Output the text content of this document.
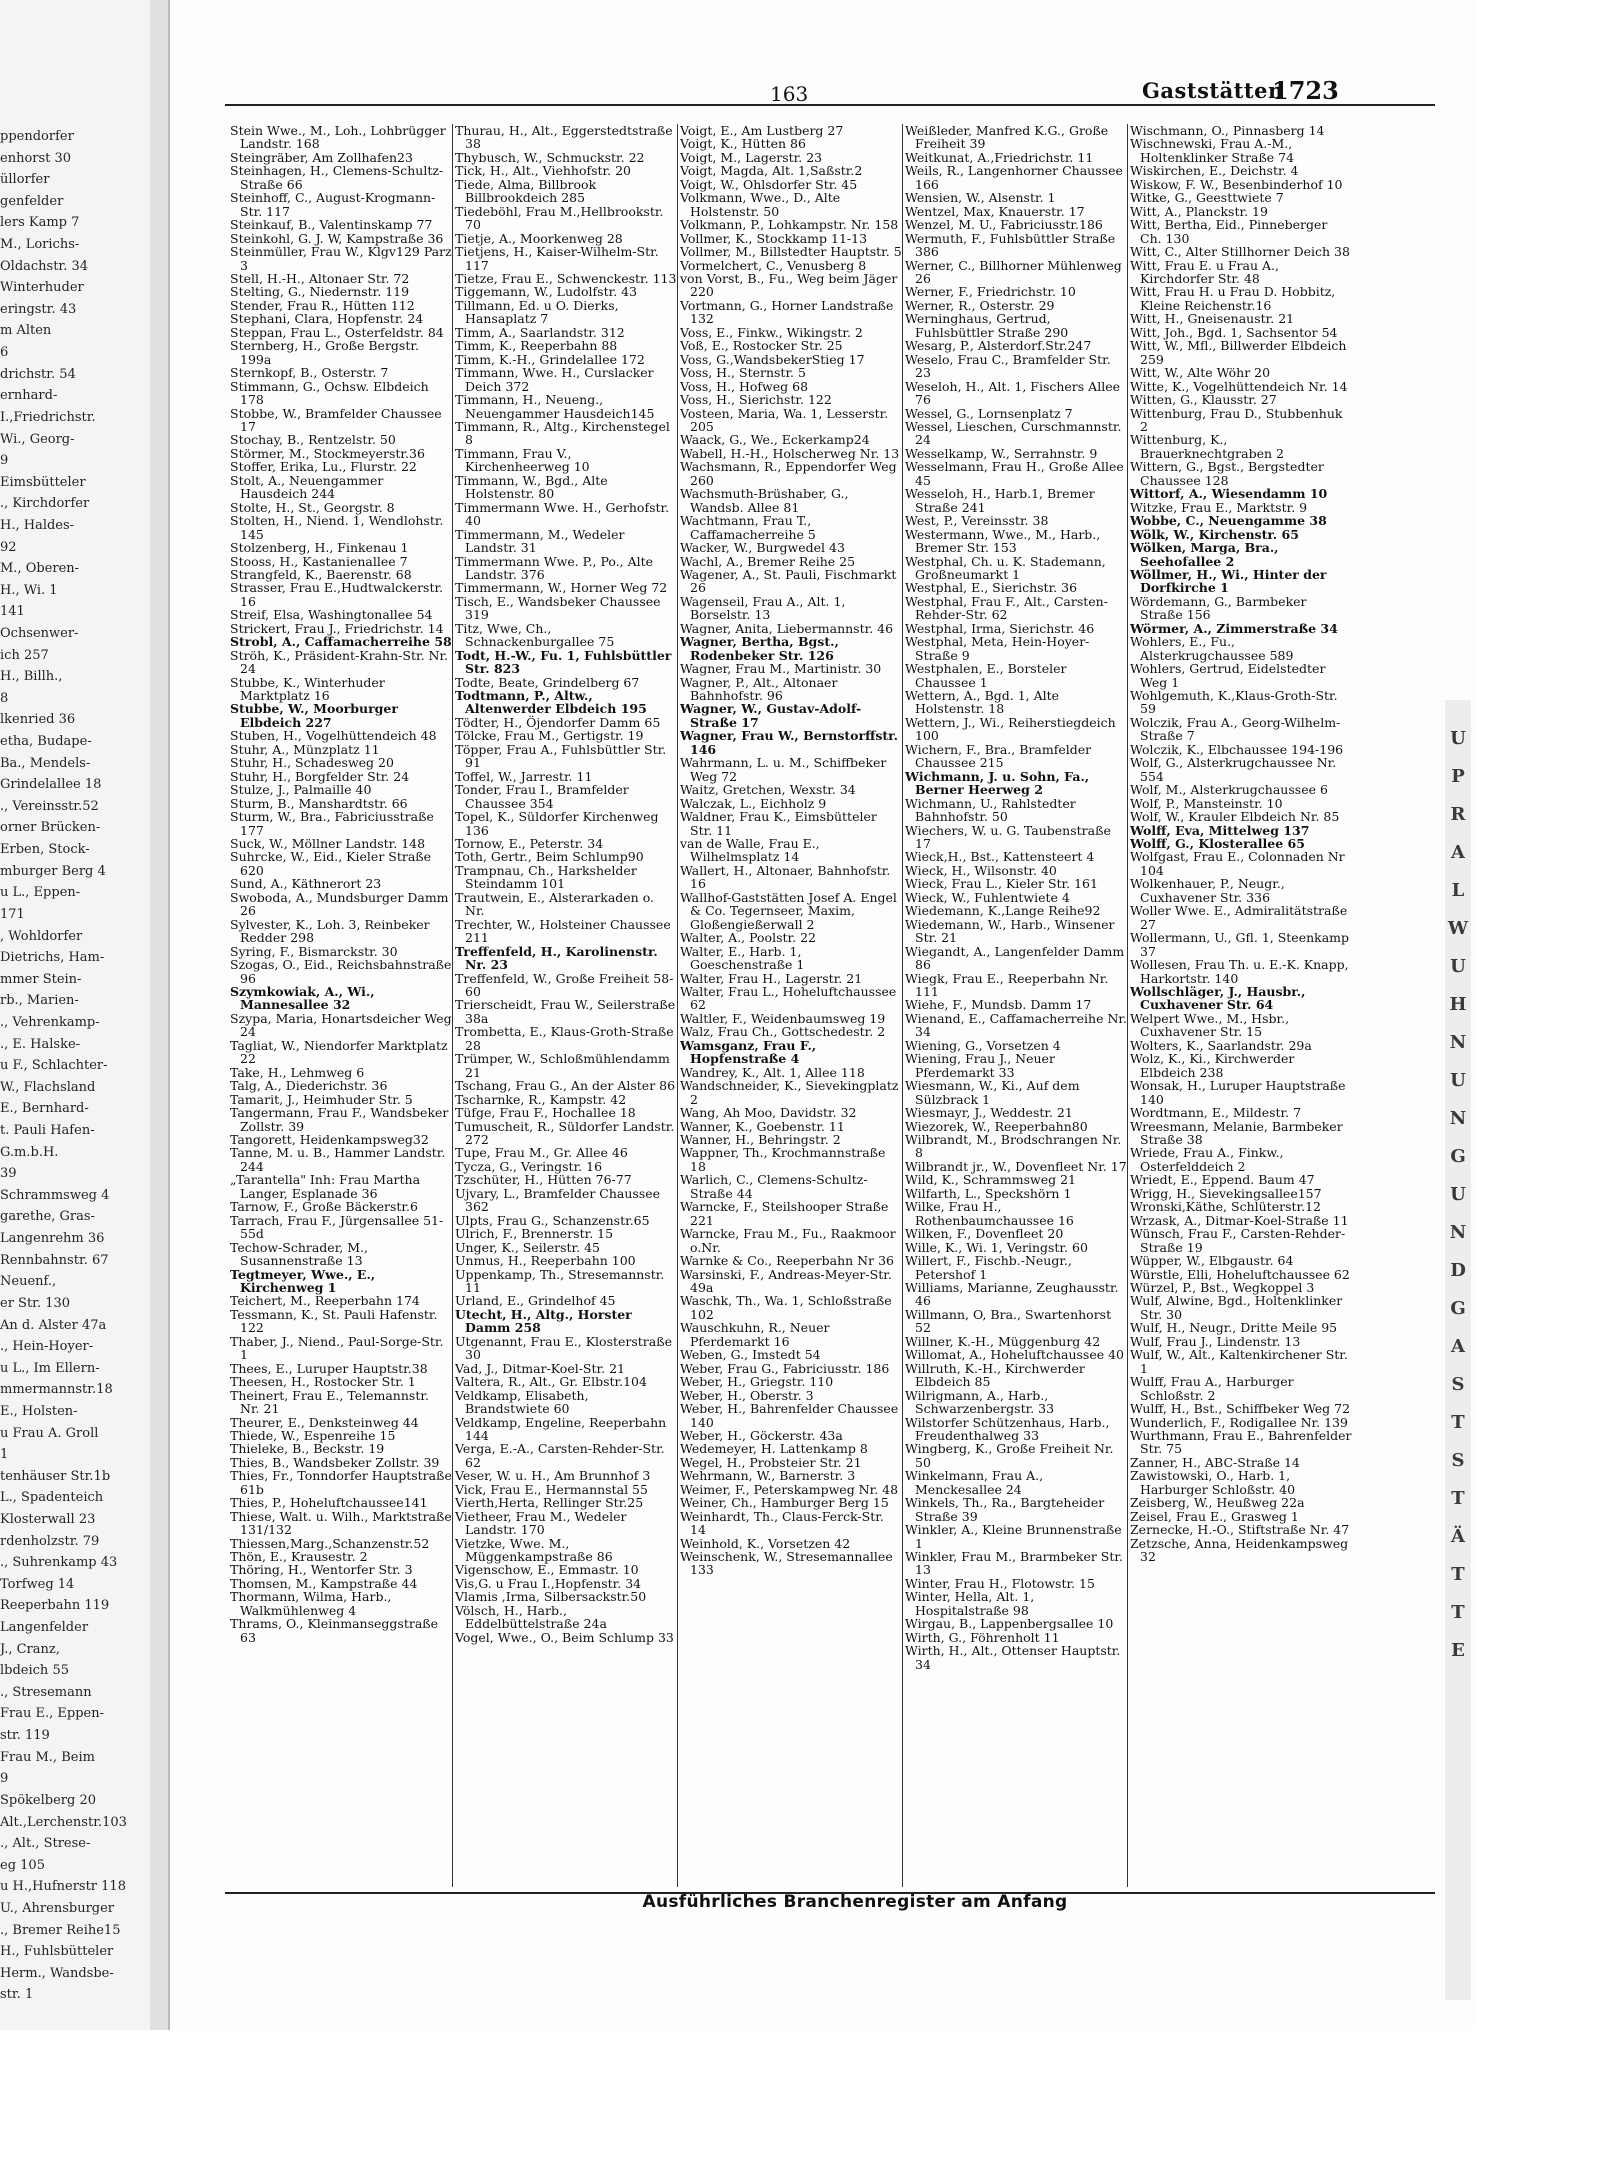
ppendorfer
enhorst 30
üllorfer
genfelder
lers Kamp 7
M., Lorichs-
Oldachstr. 34
Winterhuder
eringstr. 43
m Alten
6
drichstr. 54
ernhard-
I.,Friedrichstr.
Wi., Georg-
9
Eimsbütteler
., Kirchdorfer
H., Haldes-
92
M., Oberen-
H., Wi. 1
141
Ochsenwer-
ich 257
H., Billh.,
8
lkenried 36
etha, Budape-
Ba., Mendels-
Grindelallee 18
., Vereinsstr.52
orner Brücken-
Erben, Stock-
mburger Berg 4
u L., Eppen-
171
, Wohldorfer
Dietrichs, Ham-
mmer Stein-
rb., Marien-
., Vehrenkamp-
., E. Halske-
u F., Schlachter-
W., Flachsland
E., Bernhard-
t. Pauli Hafen-
G.m.b.H.
39
Schrammsweg 4
garethe, Gras-
Langenrehm 36
Rennbahnstr. 67
Neuenf.,
er Str. 130
An d. Alster 47a
., Hein-Hoyer-
u L., Im Ellern-
mmermannstr.18
E., Holsten-
u Frau A. Groll
1
tenhäuser Str.1b
L., Spadenteich
Klosterwall 23
rdenholzstr. 79
., Suhrenkamp 43
Torfweg 14
Reeperbahn 119
Langenfelder
J., Cranz,
lbdeich 55
., Stresemann
Frau E., Eppen-
str. 119
Frau M., Beim
9
Spökelberg 20
Alt.,Lerchenstr.103
., Alt., Strese-
eg 105
u H.,Hufnerstr 118
U., Ahrensburger
., Bremer Reihe15
H., Fuhlsbütteler
Herm., Wandsbe-
str. 1
UPRAL WUHNUNG UND GASTSTÄTTE
163	Gaststätten
1723
Stein Wwe., M., Loh., Lohbrügger Landstr. 168
Steingräber, Am Zollhafen23
Steinhagen, H., Clemens-Schultz-Straße 66
Steinhoff, C., August-Krogmann-Str. 117
Steinkauf, B., Valentinskamp 77
Steinkohl, G. J. W, Kampstraße 36
Steinmüller, Frau W., Klgv129 Parz 3
Stell, H.-H., Altonaer Str. 72
Stelting, G., Niedernstr. 119
Stender, Frau R., Hütten 112
Stephani, Clara, Hopfenstr. 24
Steppan, Frau L., Osterfeldstr. 84
Sternberg, H., Große Bergstr. 199a
Sternkopf, B., Osterstr. 7
Stimmann, G., Ochsw. Elbdeich 178
Stobbe, W., Bramfelder Chaussee 17
Stochay, B., Rentzelstr. 50
Störmer, M., Stockmeyerstr.36
Stoffer, Erika, Lu., Flurstr. 22
Stolt, A., Neuengammer Hausdeich 244
Stolte, H., St., Georgstr. 8
Stolten, H., Niend. 1, Wendlohstr. 145
Stolzenberg, H., Finkenau 1
Stooss, H., Kastanienallee 7
Strangfeld, K., Baerenstr. 68
Strasser, Frau E.,Hudtwalckerstr. 16
Streif, Elsa, Washingtonallee 54
Strickert, Frau J., Friedrichstr. 14
Strobl, A., Caffamacherreihe 58
Ströh, K., Präsident-Krahn-Str. Nr. 24
Stubbe, K., Winterhuder Marktplatz 16
Stubbe, W., Moorburger Elbdeich 227
Stuben, H., Vogelhüttendeich 48
Stuhr, A., Münzplatz 11
Stuhr, H., Schadesweg 20
Stuhr, H., Borgfelder Str. 24
Stulze, J., Palmaille 40
Sturm, B., Manshardtstr. 66
Sturm, W., Bra., Fabriciusstraße 177
Suck, W., Möllner Landstr. 148
Suhrcke, W., Eid., Kieler Straße 620
Sund, A., Käthnerort 23
Swoboda, A., Mundsburger Damm 26
Sylvester, K., Loh. 3, Reinbeker Redder 298
Syring, F., Bismarckstr. 30
Szogas, O., Eid., Reichsbahnstraße 96
Szymkowiak, A., Wi., Mannesallee 32
Szypa, Maria, Honartsdeicher Weg 24
Tagliat, W., Niendorfer Marktplatz 22
Take, H., Lehmweg 6
Talg, A., Diederichstr. 36
Tamarit, J., Heimhuder Str. 5
Tangermann, Frau F., Wandsbeker Zollstr. 39
Tangorett, Heidenkampsweg32
Tanne, M. u. B., Hammer Landstr. 244
„Tarantella" Inh: Frau Martha Langer, Esplanade 36
Tarnow, F., Große Bäckerstr.6
Tarrach, Frau F., Jürgensallee 51-55d
Techow-Schrader, M., Susannenstraße 13
Tegtmeyer, Wwe., E., Kirchenweg 1
Teichert, M., Reeperbahn 174
Tessmann, K., St. Pauli Hafenstr. 122
Thaber, J., Niend., Paul-Sorge-Str. 1
Thees, E., Luruper Hauptstr.38
Theesen, H., Rostocker Str. 1
Theinert, Frau E., Telemannstr. Nr. 21
Theurer, E., Denksteinweg 44
Thiede, W., Espenreihe 15
Thieleke, B., Beckstr. 19
Thies, B., Wandsbeker Zollstr. 39
Thies, Fr., Tonndorfer Hauptstraße 61b
Thies, P., Hoheluftchaussee141
Thiese, Walt. u. Wilh., Marktstraße 131/132
Thiessen,Marg.,Schanzenstr.52
Thön, E., Krausestr. 2
Thöring, H., Wentorfer Str. 3
Thomsen, M., Kampstraße 44
Thormann, Wilma, Harb., Walkmühlenweg 4
Thrams, O., Kleinmanseggstraße 63
Thurau, H., Alt., Eggerstedtstraße 38
Thybusch, W., Schmuckstr. 22
Tick, H., Alt., Viehhofstr. 20
Tiede, Alma, Billbrook Billbrookdeich 285
Tiedeböhl, Frau M.,Hellbrookstr. 70
Tietje, A., Moorkenweg 28
Tietjens, H., Kaiser-Wilhelm-Str. 117
Tietze, Frau E., Schwenckestr. 113
Tiggemann, W., Ludolfstr. 43
Tillmann, Ed. u O. Dierks, Hansaplatz 7
Timm, A., Saarlandstr. 312
Timm, K., Reeperbahn 88
Timm, K.-H., Grindelallee 172
Timmann, Wwe. H., Curslacker Deich 372
Timmann, H., Neueng., Neuengammer Hausdeich145
Timmann, R., Altg., Kirchenstegel 8
Timmann, Frau V., Kirchenheerweg 10
Timmann, W., Bgd., Alte Holstenstr. 80
Timmermann Wwe. H., Gerhofstr. 40
Timmermann, M., Wedeler Landstr. 31
Timmermann Wwe. P., Po., Alte Landstr. 376
Timmermann, W., Horner Weg 72
Tisch, E., Wandsbeker Chaussee 319
Titz, Wwe, Ch., Schnackenburgallee 75
Todt, H.-W., Fu. 1, Fuhlsbüttler Str. 823
Todte, Beate, Grindelberg 67
Todtmann, P., Altw., Altenwerder Elbdeich 195
Tödter, H., Öjendorfer Damm 65
Tölcke, Frau M., Gertigstr. 19
Töpper, Frau A., Fuhlsbüttler Str. 91
Toffel, W., Jarrestr. 11
Tonder, Frau I., Bramfelder Chaussee 354
Topel, K., Süldorfer Kirchenweg 136
Tornow, E., Peterstr. 34
Toth, Gertr., Beim Schlump90
Trampnau, Ch., Harkshelder Steindamm 101
Trautwein, E., Alsterarkaden o. Nr.
Trechter, W., Holsteiner Chaussee 211
Treffenfeld, H., Karolinenstr. Nr. 23
Treffenfeld, W., Große Freiheit 58-60
Trierscheidt, Frau W., Seilerstraße 38a
Trombetta, E., Klaus-Groth-Straße 28
Trümper, W., Schloßmühlendamm 21
Tschang, Frau G., An der Alster 86
Tscharnke, R., Kampstr. 42
Tüfge, Frau F., Hochallee 18
Tumuscheit, R., Süldorfer Landstr. 272
Tupe, Frau M., Gr. Allee 46
Tycza, G., Veringstr. 16
Tzschüter, H., Hütten 76-77
Ujvary, L., Bramfelder Chaussee 362
Ulpts, Frau G., Schanzenstr.65
Ulrich, F., Brennerstr. 15
Unger, K., Seilerstr. 45
Unmus, H., Reeperbahn 100
Uppenkamp, Th., Stresemannstr. 11
Urland, E., Grindelhof 45
Utecht, H., Altg., Horster Damm 258
Utgenannt, Frau E., Klosterstraße 30
Vad, J., Ditmar-Koel-Str. 21
Valtera, R., Alt., Gr. Elbstr.104
Veldkamp, Elisabeth, Brandstwiete 60
Veldkamp, Engeline, Reeperbahn 144
Verga, E.-A., Carsten-Rehder-Str. 62
Veser, W. u. H., Am Brunnhof 3
Vick, Frau E., Hermannstal 55
Vierth,Herta, Rellinger Str.25
Vietheer, Frau M., Wedeler Landstr. 170
Vietzke, Wwe. M., Müggenkampstraße 86
Vigenschow, E., Emmastr. 10
Vis,G. u Frau I.,Hopfenstr. 34
Vlamis ,Irma, Silbersackstr.50
Völsch, H., Harb., Eddelbüttelstraße 24a
Vogel, Wwe., O., Beim Schlump 33
Voigt, E., Am Lustberg 27
Voigt, K., Hütten 86
Voigt, M., Lagerstr. 23
Voigt, Magda, Alt. 1,Saßstr.2
Voigt, W., Ohlsdorfer Str. 45
Volkmann, Wwe., D., Alte Holstenstr. 50
Volkmann, P., Lohkampstr. Nr. 158
Vollmer, K., Stockkamp 11-13
Vollmer, M., Billstedter Hauptstr. 5
Vormelchert, C., Venusberg 8
von Vorst, B., Fu., Weg beim Jäger 220
Vortmann, G., Horner Landstraße 132
Voss, E., Finkw., Wikingstr. 2
Voß, E., Rostocker Str. 25
Voss, G.,WandsbekerStieg 17
Voss, H., Sternstr. 5
Voss, H., Hofweg 68
Voss, H., Sierichstr. 122
Vosteen, Maria, Wa. 1, Lesserstr. 205
Waack, G., We., Eckerkamp24
Wabell, H.-H., Holscherweg Nr. 13
Wachsmann, R., Eppendorfer Weg 260
Wachsmuth-Brüshaber, G., Wandsb. Allee 81
Wachtmann, Frau T., Caffamacherreihe 5
Wacker, W., Burgwedel 43
Wachl, A., Bremer Reihe 25
Wagener, A., St. Pauli, Fischmarkt 26
Wagenseil, Frau A., Alt. 1, Borselstr. 13
Wagner, Anita, Liebermannstr. 46
Wagner, Bertha, Bgst., Rodenbeker Str. 126
Wagner, Frau M., Martinistr. 30
Wagner, P., Alt., Altonaer Bahnhofstr. 96
Wagner, W., Gustav-Adolf-Straße 17
Wagner, Frau W., Bernstorffstr. 146
Wahrmann, L. u. M., Schiffbeker Weg 72
Waitz, Gretchen, Wexstr. 34
Walczak, L., Eichholz 9
Waldner, Frau K., Eimsbütteler Str. 11
van de Walle, Frau E., Wilhelmsplatz 14
Wallert, H., Altonaer, Bahnhofstr. 16
Wallhof-Gaststätten Josef A. Engel & Co. Tegernseer, Maxim, Gloßengießerwall 2
Walter, A., Poolstr. 22
Walter, E., Harb. 1, Goeschenstraße 1
Walter, Frau H., Lagerstr. 21
Walter, Frau L., Hoheluftchaussee 62
Waltler, F., Weidenbaumsweg 19
Walz, Frau Ch., Gottschedestr. 2
Wamsganz, Frau F., Hopfenstraße 4
Wandrey, K., Alt. 1, Allee 118
Wandschneider, K., Sievekingplatz 2
Wang, Ah Moo, Davidstr. 32
Wanner, K., Goebenstr. 11
Wanner, H., Behringstr. 2
Wappner, Th., Krochmannstraße 18
Warlich, C., Clemens-Schultz-Straße 44
Warncke, F., Steilshooper Straße 221
Warncke, Frau M., Fu., Raakmoor o.Nr.
Warnke & Co., Reeperbahn Nr 36
Warsinski, F., Andreas-Meyer-Str. 49a
Waschk, Th., Wa. 1, Schloßstraße 102
Wauschkuhn, R., Neuer Pferdemarkt 16
Weben, G., Imstedt 54
Weber, Frau G., Fabriciusstr. 186
Weber, H., Griegstr. 110
Weber, H., Oberstr. 3
Weber, H., Bahrenfelder Chaussee 140
Weber, H., Göckerstr. 43a
Wedemeyer, H. Lattenkamp 8
Wegel, H., Probsteier Str. 21
Wehrmann, W., Barnerstr. 3
Weimer, F., Peterskampweg Nr. 48
Weiner, Ch., Hamburger Berg 15
Weinhardt, Th., Claus-Ferck-Str. 14
Weinhold, K., Vorsetzen 42
Weinschenk, W., Stresemannallee 133
Weißleder, Manfred K.G., Große Freiheit 39
Weitkunat, A.,Friedrichstr. 11
Weils, R., Langenhorner Chaussee 166
Wensien, W., Alsenstr. 1
Wentzel, Max, Knauerstr. 17
Wenzel, M. U., Fabriciusstr.186
Wermuth, F., Fuhlsbüttler Straße 386
Werner, C., Billhorner Mühlenweg 26
Werner, F., Friedrichstr. 10
Werner, R., Osterstr. 29
Werninghaus, Gertrud, Fuhlsbüttler Straße 290
Wesarg, P., Alsterdorf.Str.247
Weselo, Frau C., Bramfelder Str. 23
Weseloh, H., Alt. 1, Fischers Allee 76
Wessel, G., Lornsenplatz 7
Wessel, Lieschen, Curschmannstr. 24
Wesselkamp, W., Serrahnstr. 9
Wesselmann, Frau H., Große Allee 45
Wesseloh, H., Harb.1, Bremer Straße 241
West, P., Vereinsstr. 38
Westermann, Wwe., M., Harb., Bremer Str. 153
Westphal, Ch. u. K. Stademann, Großneumarkt 1
Westphal, E., Sierichstr. 36
Westphal, Frau F., Alt., Carsten-Rehder-Str. 62
Westphal, Irma, Sierichstr. 46
Westphal, Meta, Hein-Hoyer-Straße 9
Westphalen, E., Borsteler Chaussee 1
Wettern, A., Bgd. 1, Alte Holstenstr. 18
Wettern, J., Wi., Reiherstiegdeich 100
Wichern, F., Bra., Bramfelder Chaussee 215
Wichmann, J. u. Sohn, Fa., Berner Heerweg 2
Wichmann, U., Rahlstedter Bahnhofstr. 50
Wiechers, W. u. G. Taubenstraße 17
Wieck,H., Bst., Kattensteert 4
Wieck, H., Wilsonstr. 40
Wieck, Frau L., Kieler Str. 161
Wieck, W., Fuhlentwiete 4
Wiedemann, K.,Lange Reihe92
Wiedemann, W., Harb., Winsener Str. 21
Wiegandt, A., Langenfelder Damm 86
Wiegk, Frau E., Reeperbahn Nr. 111
Wiehe, F., Mundsb. Damm 17
Wienand, E., Caffamacherreihe Nr. 34
Wiening, G., Vorsetzen 4
Wiening, Frau J., Neuer Pferdemarkt 33
Wiesmann, W., Ki., Auf dem Sülzbrack 1
Wiesmayr, J., Weddestr. 21
Wiezorek, W., Reeperbahn80
Wilbrandt, M., Brodschrangen Nr. 8
Wilbrandt jr., W., Dovenfleet Nr. 17
Wild, K., Schrammsweg 21
Wilfarth, L., Speckshörn 1
Wilke, Frau H., Rothenbaumchaussee 16
Wilken, F., Dovenfleet 20
Wille, K., Wi. 1, Veringstr. 60
Willert, F., Fischb.-Neugr., Petershof 1
Williams, Marianne, Zeughausstr. 46
Willmann, O, Bra., Swartenhorst 52
Willner, K.-H., Müggenburg 42
Willomat, A., Hoheluftchaussee 40
Willruth, K.-H., Kirchwerder Elbdeich 85
Wilrigmann, A., Harb., Schwarzenbergstr. 33
Wilstorfer Schützenhaus, Harb., Freudenthalweg 33
Wingberg, K., Große Freiheit Nr. 50
Winkelmann, Frau A., Menckesallee 24
Winkels, Th., Ra., Bargteheider Straße 39
Winkler, A., Kleine Brunnenstraße 1
Winkler, Frau M., Brarmbeker Str. 13
Winter, Frau H., Flotowstr. 15
Winter, Hella, Alt. 1, Hospitalstraße 98
Wirgau, B., Lappenbergsallee 10
Wirth, G., Föhrenholt 11
Wirth, H., Alt., Ottenser Hauptstr. 34
Wischmann, O., Pinnasberg 14
Wischnewski, Frau A.-M., Holtenklinker Straße 74
Wiskirchen, E., Deichstr. 4
Wiskow, F. W., Besenbinderhof 10
Witke, G., Geesttwiete 7
Witt, A., Planckstr. 19
Witt, Bertha, Eid., Pinneberger Ch. 130
Witt, C., Alter Stillhorner Deich 38
Witt, Frau E. u Frau A., Kirchdorfer Str. 48
Witt, Frau H. u Frau D. Hobbitz, Kleine Reichenstr.16
Witt, H., Gneisenaustr. 21
Witt, Joh., Bgd. 1, Sachsentor 54
Witt, W., Mfl., Billwerder Elbdeich 259
Witt, W., Alte Wöhr 20
Witte, K., Vogelhüttendeich Nr. 14
Witten, G., Klausstr. 27
Wittenburg, Frau D., Stubbenhuk 2
Wittenburg, K., Brauerknechtgraben 2
Wittern, G., Bgst., Bergstedter Chaussee 128
Wittorf, A., Wiesendamm 10
Witzke, Frau E., Marktstr. 9
Wobbe, C., Neuengamme 38
Wölk, W., Kirchenstr. 65
Wölken, Marga, Bra., Seehofallee 2
Wöllmer, H., Wi., Hinter der Dorfkirche 1
Wördemann, G., Barmbeker Straße 156
Wörmer, A., Zimmerstraße 34
Wohlers, E., Fu., Alsterkrugchaussee 589
Wohlers, Gertrud, Eidelstedter Weg 1
Wohlgemuth, K.,Klaus-Groth-Str. 59
Wolczik, Frau A., Georg-Wilhelm-Straße 7
Wolczik, K., Elbchaussee 194-196
Wolf, G., Alsterkrugchaussee Nr. 554
Wolf, M., Alsterkrugchaussee 6
Wolf, P., Mansteinstr. 10
Wolf, W., Krauler Elbdeich Nr. 85
Wolff, Eva, Mittelweg 137
Wolff, G., Klosterallee 65
Wolfgast, Frau E., Colonnaden Nr 104
Wolkenhauer, P., Neugr., Cuxhavener Str. 336
Woller Wwe. E., Admiralitätstraße 27
Wollermann, U., Gfl. 1, Steenkamp 37
Wollesen, Frau Th. u. E.-K. Knapp, Harkortstr. 140
Wollschläger, J., Hausbr., Cuxhavener Str. 64
Welpert Wwe., M., Hsbr., Cuxhavener Str. 15
Wolters, K., Saarlandstr. 29a
Wolz, K., Ki., Kirchwerder Elbdeich 238
Wonsak, H., Luruper Hauptstraße 140
Wordtmann, E., Mildestr. 7
Wreesmann, Melanie, Barmbeker Straße 38
Wriede, Frau A., Finkw., Osterfelddeich 2
Wriedt, E., Eppend. Baum 47
Wrigg, H., Sievekingsallee157
Wronski,Käthe, Schlüterstr.12
Wrzask, A., Ditmar-Koel-Straße 11
Wünsch, Frau F., Carsten-Rehder-Straße 19
Wüpper, W., Elbgaustr. 64
Würstle, Elli, Hoheluftchaussee 62
Würzel, P., Bst., Wegkoppel 3
Wulf, Alwine, Bgd., Holtenklinker Str. 30
Wulf, H., Neugr., Dritte Meile 95
Wulf, Frau J., Lindenstr. 13
Wulf, W., Alt., Kaltenkirchener Str. 1
Wulff, Frau A., Harburger Schloßstr. 2
Wulff, H., Bst., Schiffbeker Weg 72
Wunderlich, F., Rodigallee Nr. 139
Wurthmann, Frau E., Bahrenfelder Str. 75
Zanner, H., ABC-Straße 14
Zawistowski, O., Harb. 1, Harburger Schloßstr. 40
Zeisberg, W., Heußweg 22a
Zeisel, Frau E., Grasweg 1
Zernecke, H.-O., Stiftstraße Nr. 47
Zetzsche, Anna, Heidenkampsweg 32
Ausführliches Branchenregister am Anfang
